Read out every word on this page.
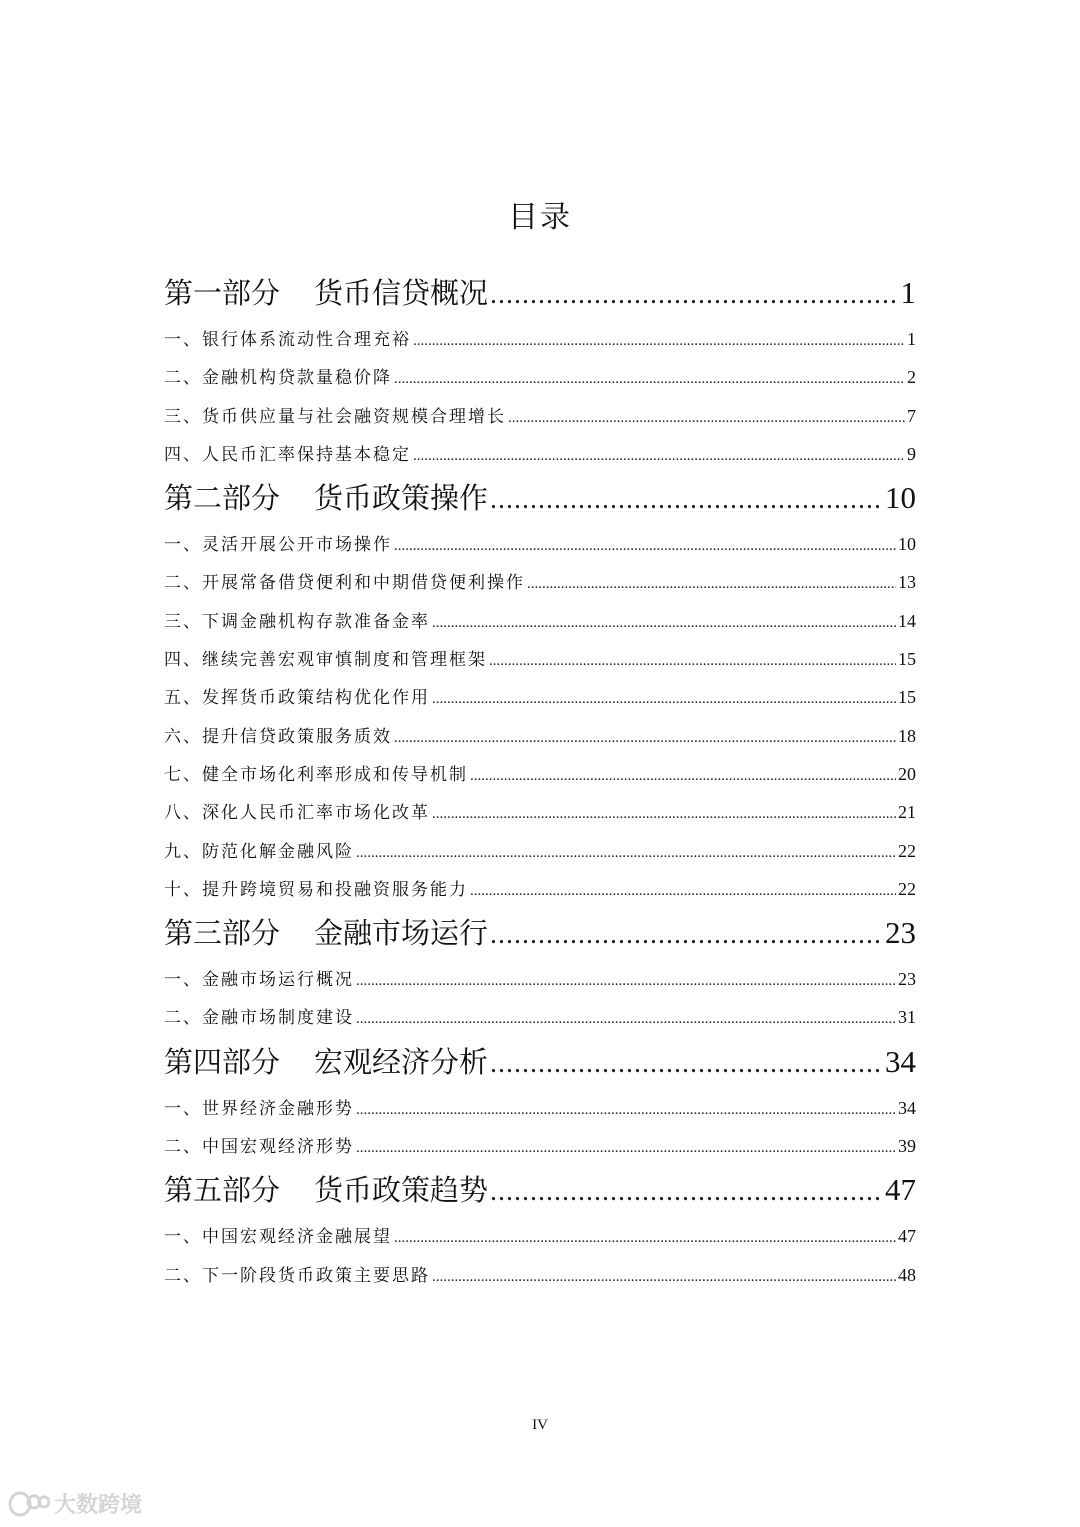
目录
第一部分 货币信贷概况 .....	1
一、银行体系流动性合理充裕 .....	1
二、金融机构贷款量稳价降 .....	2
三、货币供应量与社会融资规模合理增长 .....	7
四、人民币汇率保持基本稳定 .....	9
第二部分 货币政策操作 .....	10
一、灵活开展公开市场操作 .....	10
二、开展常备借贷便利和中期借贷便利操作 .....	13
三、下调金融机构存款准备金率 .....	14
四、继续完善宏观审慎制度和管理框架 .....	15
五、发挥货币政策结构优化作用 .....	15
六、提升信贷政策服务质效 .....	18
七、健全市场化利率形成和传导机制 .....	20
八、深化人民币汇率市场化改革 .....	21
九、防范化解金融风险 .....	22
十、提升跨境贸易和投融资服务能力 .....	22
第三部分 金融市场运行 .....	23
一、金融市场运行概况 .....	23
二、金融市场制度建设 .....	31
第四部分 宏观经济分析 .....	34
一、世界经济金融形势 .....	34
二、中国宏观经济形势 .....	39
第五部分 货币政策趋势 .....	47
一、中国宏观经济金融展望 .....	47
二、下一阶段货币政策主要思路 .....	48
IV
大数跨境
